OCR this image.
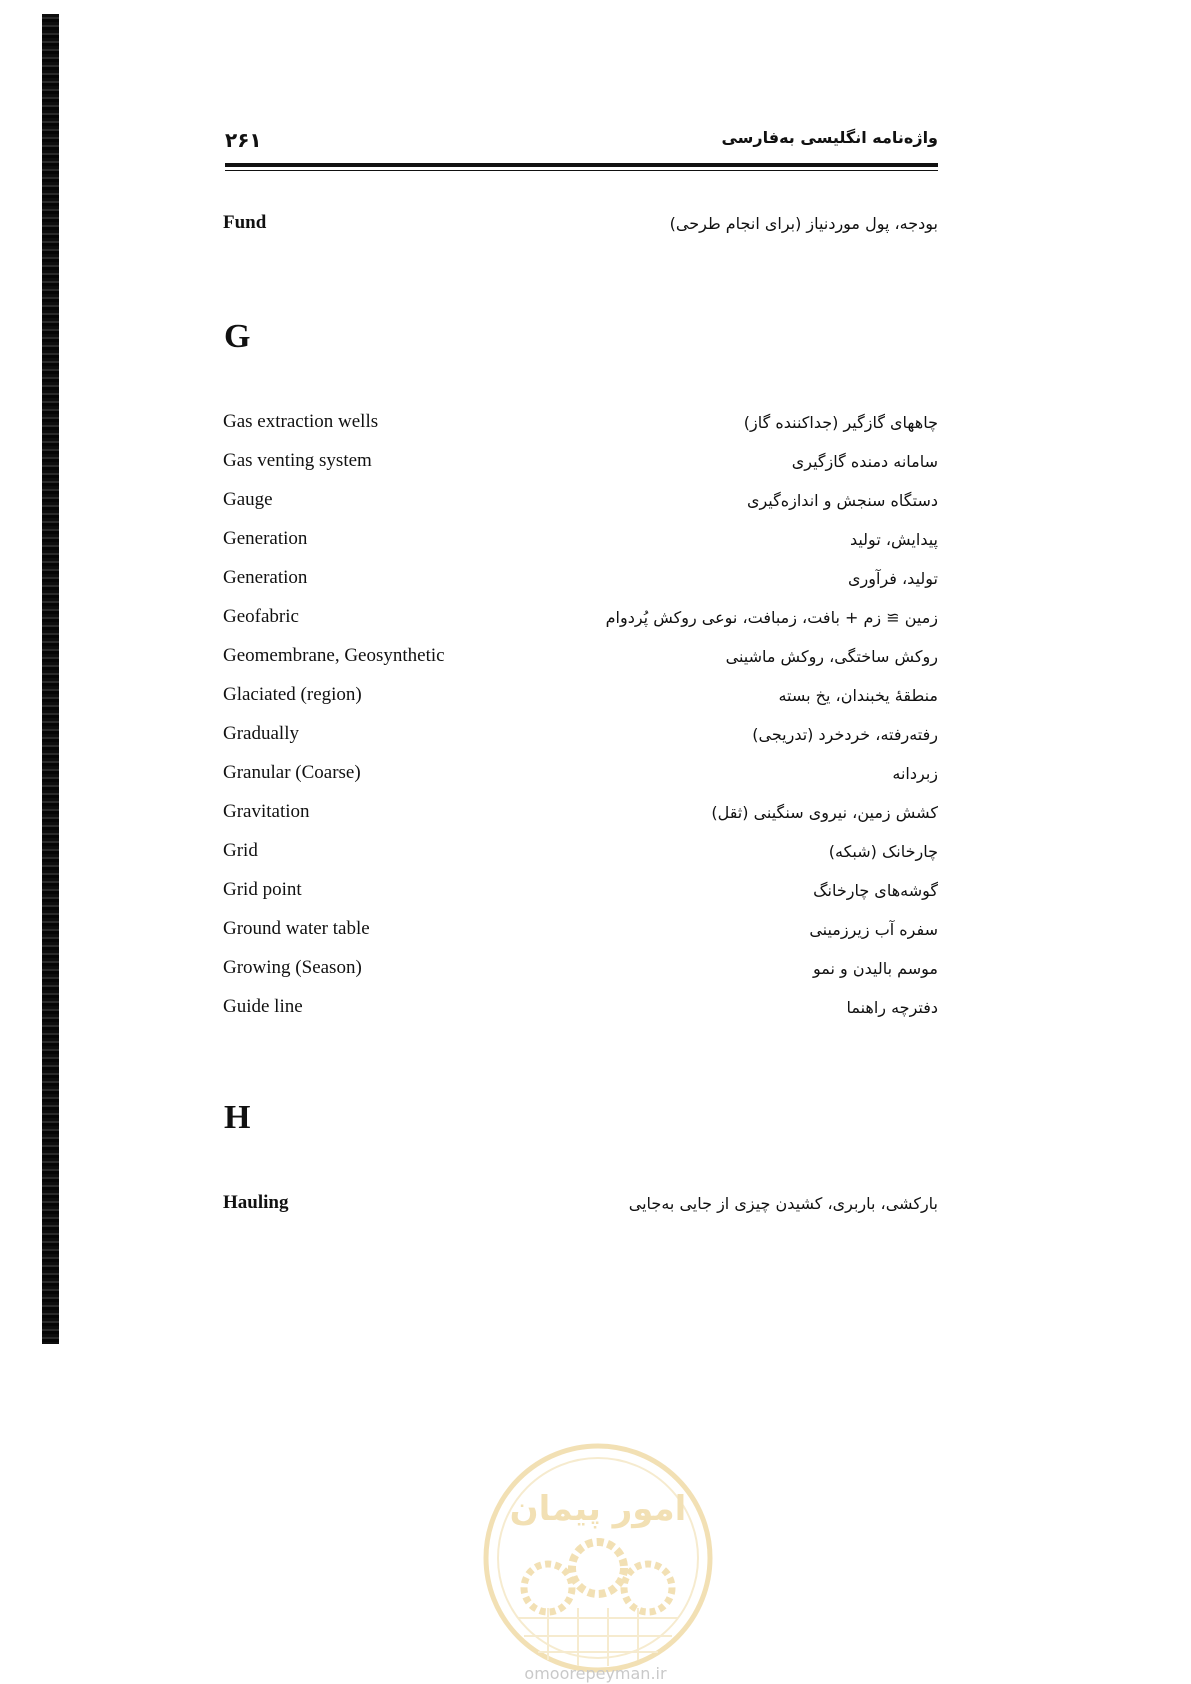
۲۶۱	واژه‌نامه انگلیسی به‌فارسی
Fund	بودجه، پول موردنیاز (برای انجام طرحی)
G
Gas extraction wells	چاههای گازگیر (جداکننده گاز)
Gas venting system	سامانه دمنده گازگیری
Gauge	دستگاه سنجش و اندازه‌گیری
Generation	پیدایش، تولید
Generation	تولید، فرآوری
Geofabric	زمین ≅ زم + بافت، زمبافت، نوعی روکش پُردوام
Geomembrane, Geosynthetic	روکش ساختگی، روکش ماشینی
Glaciated (region)	منطقهٔ یخبندان، یخ بسته
Gradually	رفته‌رفته، خردخرد (تدریجی)
Granular (Coarse)	زبردانه
Gravitation	کشش زمین، نیروی سنگینی (ثقل)
Grid	چارخانک (شبکه)
Grid point	گوشه‌های چارخانگ
Ground water table	سفره آب زیرزمینی
Growing (Season)	موسم بالیدن و نمو
Guide line	دفترچه راهنما
H
Hauling	بارکشی، باربری، کشیدن چیزی از جایی به‌جایی
امور پیمان
omoorepeyman.ir
